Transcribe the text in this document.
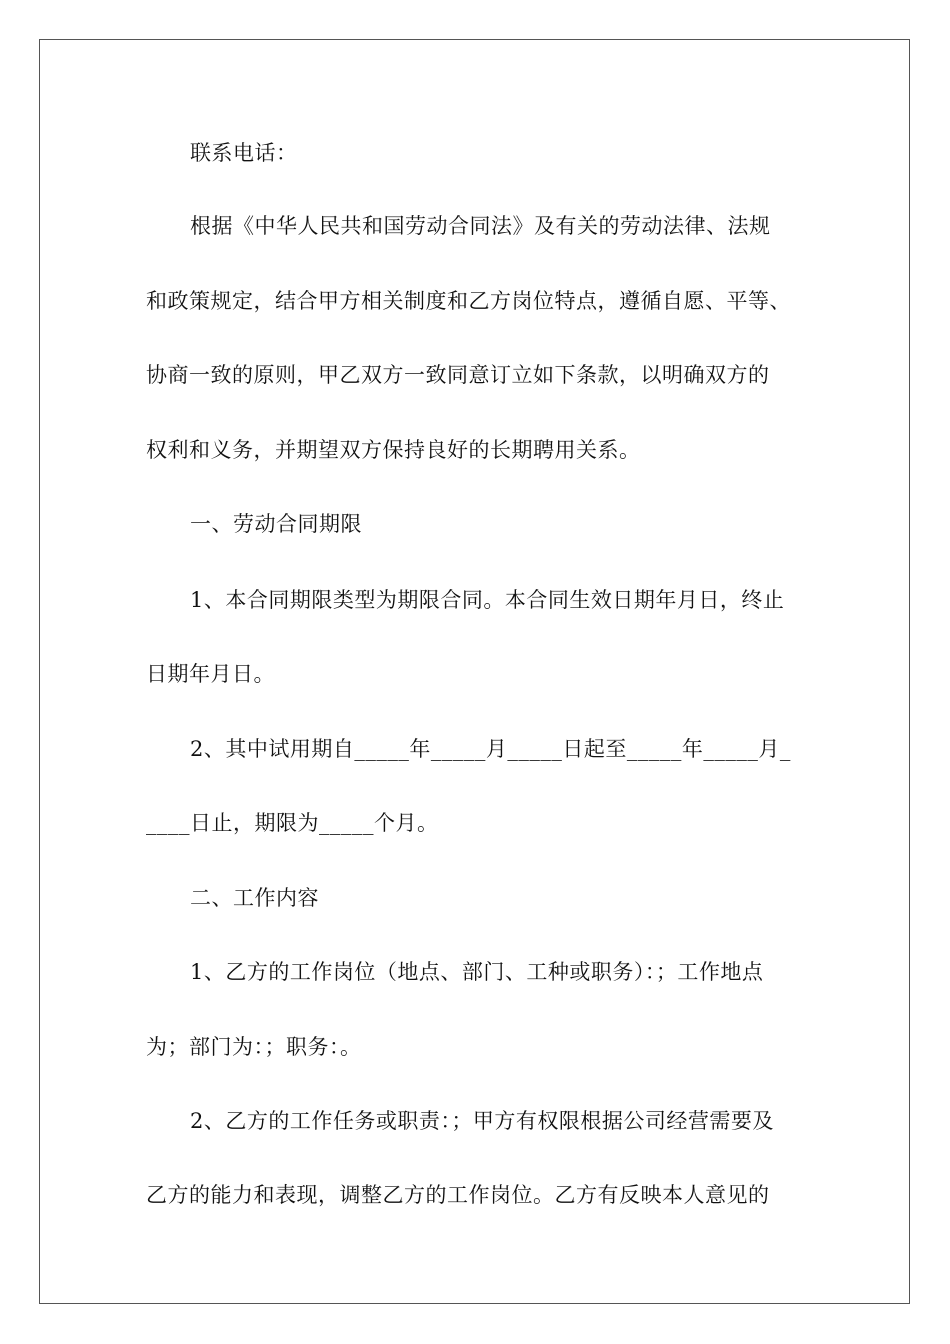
联系电话：
根据《中华人民共和国劳动合同法》及有关的劳动法律、法规
和政策规定，结合甲方相关制度和乙方岗位特点，遵循自愿、平等、
协商一致的原则，甲乙双方一致同意订立如下条款，以明确双方的
权利和义务，并期望双方保持良好的长期聘用关系。
一、劳动合同期限
1、本合同期限类型为期限合同。本合同生效日期年月日，终止
日期年月日。
2、其中试用期自_____年_____月_____日起至_____年_____月_
____日止，期限为_____个月。
二、工作内容
1、乙方的工作岗位（地点、部门、工种或职务）：；工作地点
为；部门为：；职务：。
2、乙方的工作任务或职责：；甲方有权限根据公司经营需要及
乙方的能力和表现，调整乙方的工作岗位。乙方有反映本人意见的
